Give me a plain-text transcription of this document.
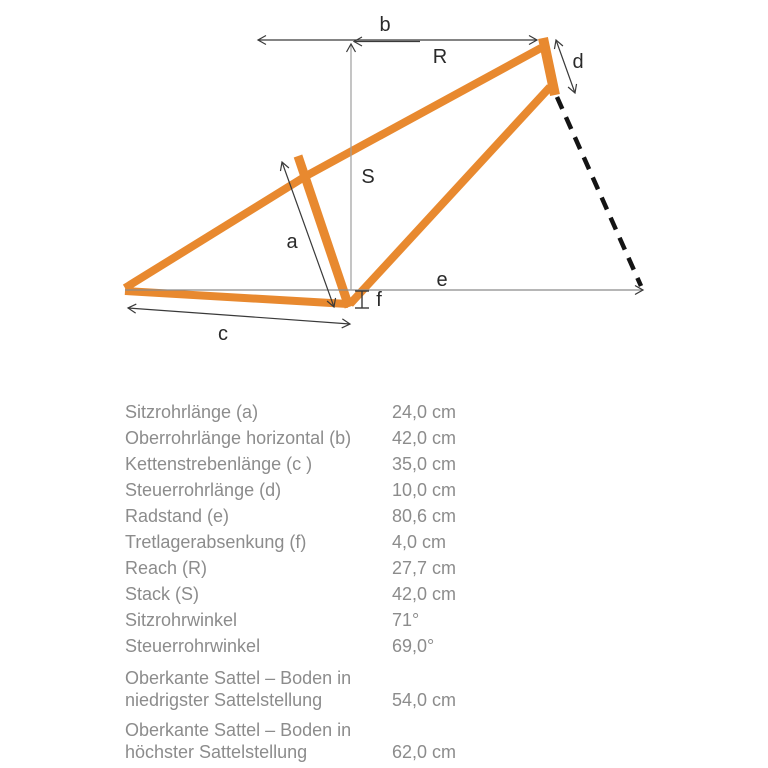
b
R	d
S
a
e
f
c
Sitzrohrlänge (a)	24,0 cm
Oberrohrlänge horizontal (b)	42,0 cm
Kettenstrebenlänge (c )	35,0 cm
Steuerrohrlänge (d)	10,0 cm
Radstand (e)	80,6 cm
Tretlagerabsenkung (f)	4,0 cm
Reach (R)	27,7 cm
Stack (S)	42,0 cm
Sitzrohrwinkel	71°
Steuerrohrwinkel	69,0°
Oberkante Sattel – Boden in niedrigster Sattelstellung	54,0 cm
Oberkante Sattel – Boden in höchster Sattelstellung	62,0 cm
